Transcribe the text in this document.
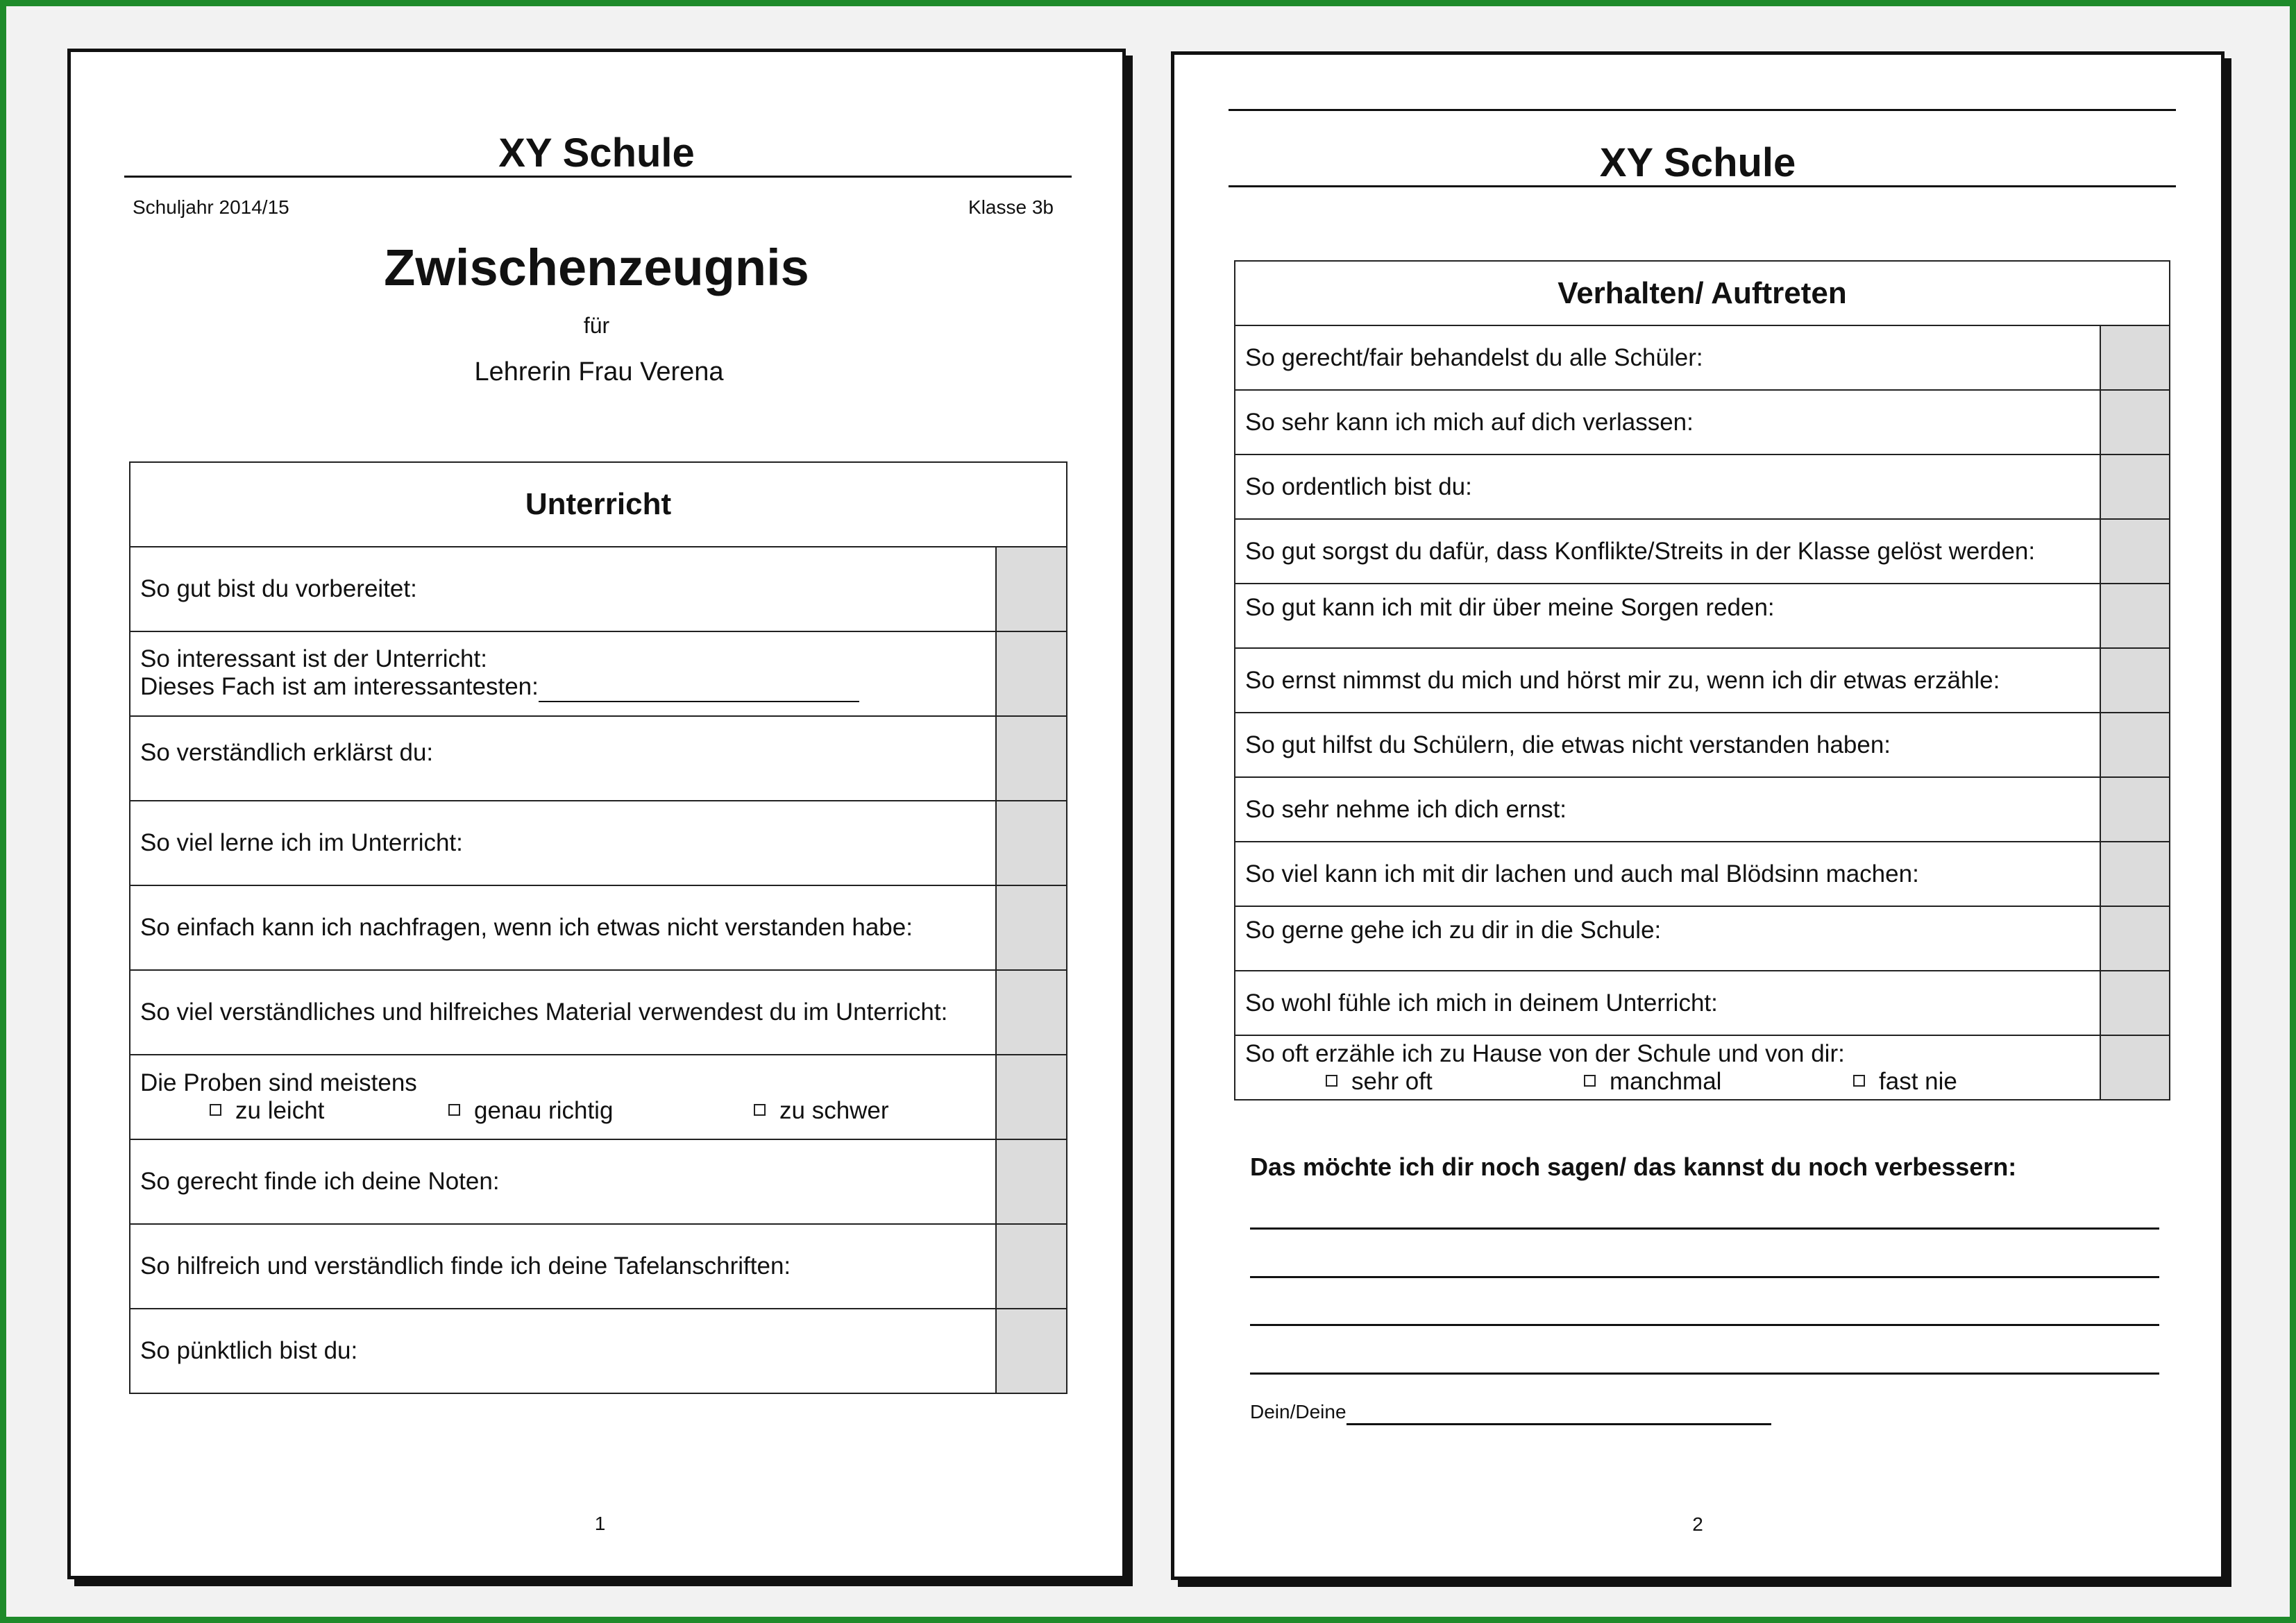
XY Schule
Schuljahr 2014/15	Klasse 3b
Zwischenzeugnis
für
Lehrerin Frau Verena
Unterricht	
So gut bist du vorbereitet:	

So interessant ist der Unterricht:
Dieses Fach ist am interessantesten:	

So verständlich erklärst du:	
So viel lerne ich im Unterricht:	
So einfach kann ich nachfragen, wenn ich etwas nicht verstanden habe:	
So viel verständliches und hilfreiches Material verwendest du im Unterricht:	

Die Proben sind meistens
zu leicht genau richtig zu schwer	

So gerecht finde ich deine Noten:	
So hilfreich und verständlich finde ich deine Tafelanschriften:	
So pünktlich bist du:	
1
XY Schule
Verhalten/ Auftreten	
So gerecht/fair behandelst du alle Schüler:	
So sehr kann ich mich auf dich verlassen:	
So ordentlich bist du:	
So gut sorgst du dafür, dass Konflikte/Streits in der Klasse gelöst werden:	
So gut kann ich mit dir über meine Sorgen reden:	
So ernst nimmst du mich und hörst mir zu, wenn ich dir etwas erzähle:	
So gut hilfst du Schülern, die etwas nicht verstanden haben:	
So sehr nehme ich dich ernst:	
So viel kann ich mit dir lachen und auch mal Blödsinn machen:	
So gerne gehe ich zu dir in die Schule:	
So wohl fühle ich mich in deinem Unterricht:	

So oft erzähle ich zu Hause von der Schule und von dir:
sehr oft manchmal fast nie	

Das möchte ich dir noch sagen/ das kannst du noch verbessern:
Dein/Deine
2
